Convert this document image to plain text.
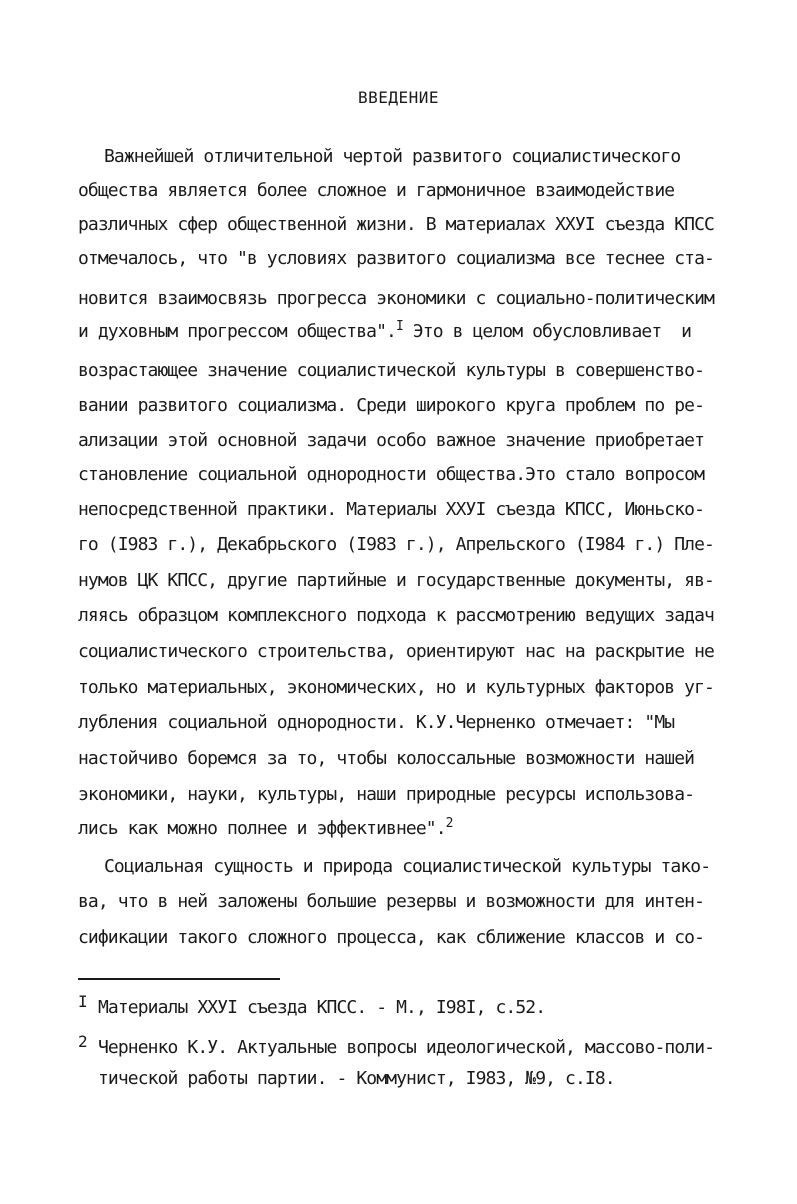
ВВЕДЕНИЕ
Важнейшей отличительной чертой развитого социалистического
общества является более сложное и гармоничное взаимодействие
различных сфер общественной жизни. В материалах ХХУI съезда КПСС
отмечалось, что "в условиях развитого социализма все теснее ста-
новится взаимосвязь прогресса экономики с социально-политическим
и духовным прогрессом общества".$^I$ Это в целом обусловливает  и
возрастающее значение социалистической культуры в совершенство-
вании развитого социализма. Среди широкого круга проблем по ре-
ализации этой основной задачи особо важное значение приобретает
становление социальной однородности общества.Это стало вопросом
непосредственной практики. Материалы ХХУI съезда КПСС, Июньско-
го (I983 г.), Декабрьского (I983 г.), Апрельского (I984 г.) Пле-
нумов ЦК КПСС, другие партийные и государственные документы, яв-
ляясь образцом комплексного подхода к рассмотрению ведущих задач
социалистического строительства, ориентируют нас на раскрытие не
только материальных, экономических, но и культурных факторов уг-
лубления социальной однородности. К.У.Черненко отмечает: "Мы
настойчиво боремся за то, чтобы колоссальные возможности нашей
экономики, науки, культуры, наши природные ресурсы использова-
лись как можно полнее и эффективнее".$^2$
Социальная сущность и природа социалистической культуры тако-
ва, что в ней заложены большие резервы и возможности для интен-
сификации такого сложного процесса, как сближение классов и со-
I Материалы ХХУI съезда КПСС. - М., I98I, с.52.
2 Черненко К.У. Актуальные вопросы идеологической, массово-поли-
тической работы партии. - Коммунист, I983, №9, с.I8.
